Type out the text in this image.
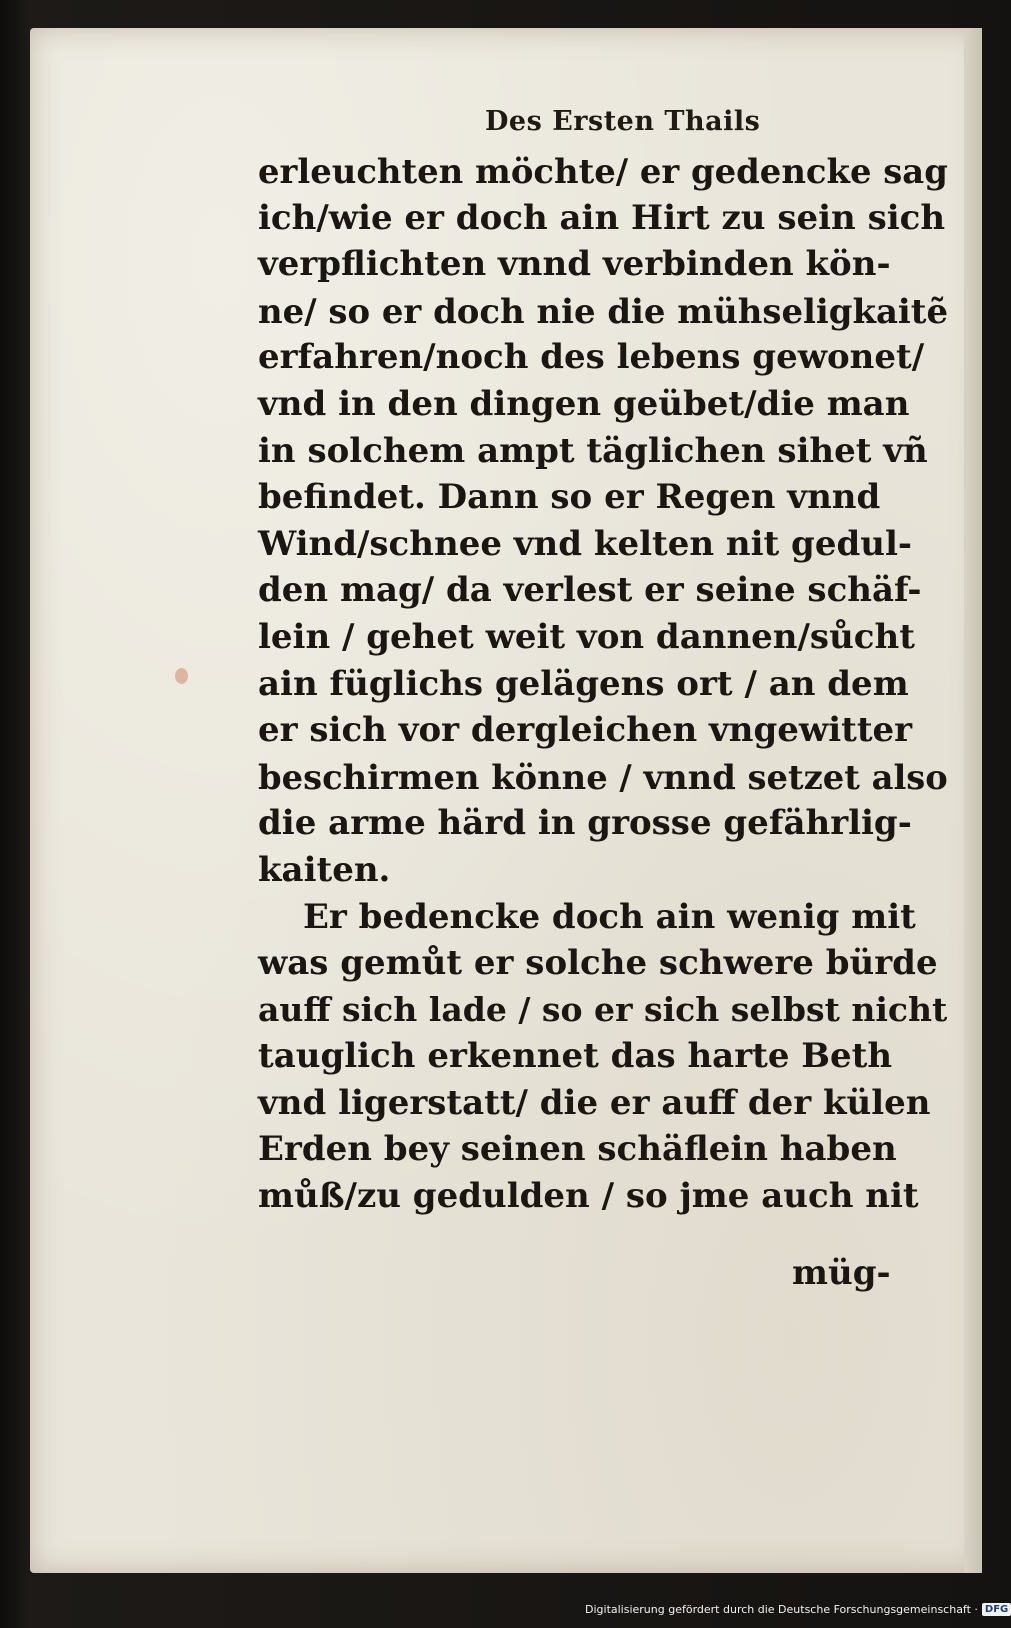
Des Ersten Thails
erleuchten möchte/ er gedencke sag
ich/wie er doch ain Hirt zu sein sich
verpflichten vnnd verbinden kön-
ne/ so er doch nie die mühseligkaitẽ
erfahren/noch des lebens gewonet/
vnd in den dingen geübet/die man
in solchem ampt täglichen sihet vñ
befindet. Dann so er Regen vnnd
Wind/schnee vnd kelten nit gedul-
den mag/ da verlest er seine schäf-
lein / gehet weit von dannen/sůcht
ain füglichs gelägens ort / an dem
er sich vor dergleichen vngewitter
beschirmen könne / vnnd setzet also
die arme härd in grosse gefährlig-
kaiten.
Er bedencke doch ain wenig mit
was gemůt er solche schwere bürde
auff sich lade / so er sich selbst nicht
tauglich erkennet das harte Beth
vnd ligerstatt/ die er auff der külen
Erden bey seinen schäflein haben
můß/zu gedulden / so jme auch nit
müg-
Digitalisierung gefördert durch die Deutsche Forschungsgemeinschaft · DFG
